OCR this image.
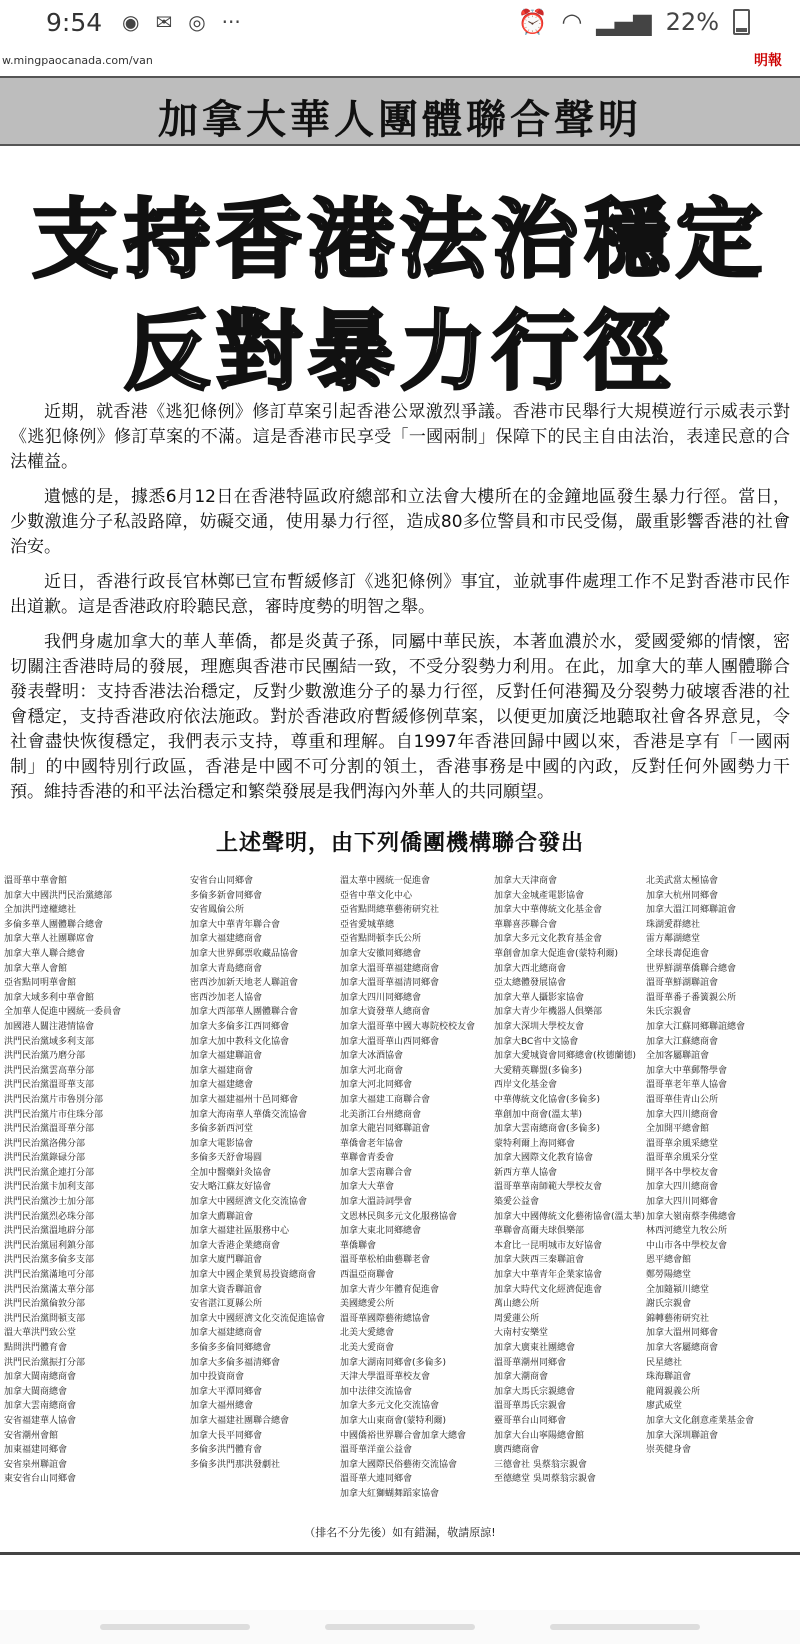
9:54 ◉ ✉ ◎ ···	⏰ ◠ ▂▄▆ 22%
w.mingpaocanada.com/van	明報
加拿大華人團體聯合聲明
支持香港法治穩定
反對暴力行徑

近期，就香港《逃犯條例》修訂草案引起香港公眾激烈爭議。香港市民舉行大規模遊行示威表示對《逃犯條例》修訂草案的不滿。這是香港市民享受「一國兩制」保障下的民主自由法治，表達民意的合法權益。

遺憾的是，據悉6月12日在香港特區政府總部和立法會大樓所在的金鐘地區發生暴力行徑。當日，少數激進分子私設路障，妨礙交通，使用暴力行徑，造成80多位警員和市民受傷，嚴重影響香港的社會治安。

近日，香港行政長官林鄭已宣布暫緩修訂《逃犯條例》事宜，並就事件處理工作不足對香港市民作出道歉。這是香港政府聆聽民意，審時度勢的明智之舉。

我們身處加拿大的華人華僑，都是炎黃子孫，同屬中華民族，本著血濃於水，愛國愛鄉的情懷，密切關注香港時局的發展，理應與香港市民團結一致，不受分裂勢力利用。在此，加拿大的華人團體聯合發表聲明：支持香港法治穩定，反對少數激進分子的暴力行徑，反對任何港獨及分裂勢力破壞香港的社會穩定，支持香港政府依法施政。對於香港政府暫緩修例草案，以便更加廣泛地聽取社會各界意見，令社會盡快恢復穩定，我們表示支持，尊重和理解。自1997年香港回歸中國以來，香港是享有「一國兩制」的中國特別行政區，香港是中國不可分割的領土，香港事務是中國的內政，反對任何外國勢力干預。維持香港的和平法治穩定和繁榮發展是我們海內外華人的共同願望。

上述聲明，由下列僑團機構聯合發出
溫哥華中華會館
加拿大中國洪門民治黨總部
全加洪門達權總社
多倫多華人團體聯合總會
加拿大華人社團聯席會
加拿大華人聯合總會
加拿大華人會館
亞省點同明華會館
加拿大域多利中華會館
全加華人促進中國統一委員會
加國港人關注港情協會
洪門民治黨域多利支部
洪門民治黨乃磨分部
洪門民治黨雲高華分部
洪門民治黨溫哥華支部
洪門民治黨片市魯別分部
洪門民治黨片市住珠分部
洪門民治黨溫哥華分部
洪門民治黨洛佛分部
洪門民治黨錄碌分部
洪門民治黨企連打分部
洪門民治黨卡加利支部
洪門民治黨沙士加分部
洪門民治黨烈必珠分部
洪門民治黨溫地辟分部
洪門民治黨屈利鎮分部
洪門民治黨多倫多支部
洪門民治黨滿地可分部
洪門民治黨滿太華分部
洪門民治黨倫敦分部
洪門民治黨問頓支部
溫大華洪門致公堂
點問洪門體育會
洪門民治黨振打分部
加拿大閩南總商會
加拿大閩商總會
加拿大雲南總商會
安省福建華人協會
安省潮州會館
加東福建同鄉會
安省泉州聯誼會
東安省台山同鄉會
安省台山同鄉會
多倫多新會同鄉會
安省鳳倫公所
加拿大中華青年聯合會
加拿大福建總商會
加拿大世界郵票收藏品協會
加拿大青島總商會
密西沙加新天地老人聯誼會
密西沙加老人協會
加拿大西部華人團體聯合會
加拿大多倫多江西同鄉會
加拿大加中教科文化協會
加拿大福建聯誼會
加拿大福建商會
加拿大福建總會
加拿大福建福州十邑同鄉會
加拿大海南華人華僑交流協會
多倫多新西河堂
加拿大電影協會
多倫多天舒會場圓
全加中醫藥針灸協會
安大略江蘇友好協會
加拿大中國經濟文化交流協會
加拿大薦聯誼會
加拿大福建社區服務中心
加拿大香港企業總商會
加拿大廈門聯誼會
加拿大中國企業貿易投資總商會
加拿大資香聯誼會
安省湛江夏縣公所
加拿大中國經濟文化交流促進協會
加拿大福建總商會
多倫多多倫同鄉總會
加拿大多倫多福清鄉會
加中投資商會
加拿大平潭同鄉會
加拿大福州總會
加拿大福建社團聯合總會
加拿大長平同鄉會
多倫多洪門體育會
多倫多洪門那洪發劇社
溫太華中國統一促進會
亞省中華文化中心
亞省點問總華藝術研究社
亞省愛城華總
亞省點問頓李氏公所
加拿大安徽同鄉總會
加拿大溫哥華福建總商會
加拿大溫哥華福清同鄉會
加拿大四川同鄉總會
加拿大資發華人總商會
加拿大溫哥華中國大專院校校友會
加拿大溫哥華山西同鄉會
加拿大冰酒協會
加拿大河北商會
加拿大河北同鄉會
加拿大福建工商聯合會
北美浙江台州總商會
加拿大龍岩同鄉聯誼會
華僑會老年協會
華聯會青委會
加拿大雲南聯合會
加拿大大華會
加拿大溫詩詞學會
文恩林民與多元文化服務協會
加拿大東北同鄉總會
華僑聯會
溫哥華松柏曲藝聯老會
西温亞商聯會
加拿大青少年體育促進會
美國總愛公所
溫哥華國際藝術總協會
北美大愛總會
北美大愛商會
加拿大湖南同鄉會(多倫多)
天津大學溫哥華校友會
加中法律交流協會
加拿大多元文化交流協會
加拿大山東商會(蒙特利爾)
中國僑裕世界聯合會加拿大總會
溫哥華洋童公益會
加拿大國際民俗藝術交流協會
溫哥華大連同鄉會
加拿大紅獅蝴舞蹈家協會
加拿大天津商會
加拿大金城產電影協會
加拿大中華傳統文化基金會
華聯喜莎聯合會
加拿大多元文化教育基金會
華創會加拿大促進會(蒙特利爾)
加拿大西北總商會
亞太總體發展協會
加拿大華人攝影家協會
加拿大青少年機器人俱樂部
加拿大深圳大學校友會
加拿大BC省中文協會
加拿大愛城資會同鄉總會(枚德蘭德)
大愛精英聯盟(多倫多)
西岸文化基金會
中華傳統文化協會(多倫多)
華創加中商會(溫太華)
加拿大雲南總商會(多倫多)
蒙特利爾上海同鄉會
加拿大國際文化教育協會
新西方華人協會
溫哥華華南師範大學校友會
築愛公益會
加拿大中國傳統文化藝術協會(溫太華)
華聯會高爾夫球俱樂部
本倉比一昆明城市友好協會
加拿大陝西三秦聯誼會
加拿大中華青年企業家協會
加拿大時代文化經濟促進會
萬山總公所
周愛蓮公所
大南村安樂堂
加拿大廣東社團總會
溫哥華潮州同鄉會
加拿大潮商會
加拿大馬氏宗親總會
溫哥華馬氏宗親會
靈哥華台山同鄉會
加拿大台山寧陽總會館
廣西總商會
三德會社 吳蔡翁宗親會
至德總堂 吳周蔡翁宗親會
北美武當太極協會
加拿大杭州同鄉會
加拿大溫江同鄉聯誼會
珠湖愛群總社
雷方鄰湖總堂
全球長壽促進會
世界鮮湖華僑聯合總會
溫哥華鮮湖聯誼會
溫哥華番子番簧親公所
朱氏宗親會
加拿大江蘇同鄉聯誼總會
加拿大江蘇總商會
全加客屬聯誼會
加拿大中華郵幣學會
溫哥華老年華人協會
溫哥華佳青山公所
加拿大四川總商會
全加開平總會館
溫哥華余風采總堂
溫哥華余風采分堂
開平各中學校友會
加拿大四川總商會
加拿大四川同鄉會
加拿大嶺南蔡李佛總會
林西河總堂九牧公所
中山市各中學校友會
恩平總會館
鄭勞陽總堂
全加隨潁川總堂
謝氏宗親會
錦轉藝術研究社
加拿大溫州同鄉會
加拿大客屬總商會
民星總社
珠海聯誼會
龍岡親義公所
廖武威堂
加拿大文化創意產業基金會
加拿大深圳聯誼會
崇英健身會
（排名不分先後）如有錯漏，敬請原諒!
